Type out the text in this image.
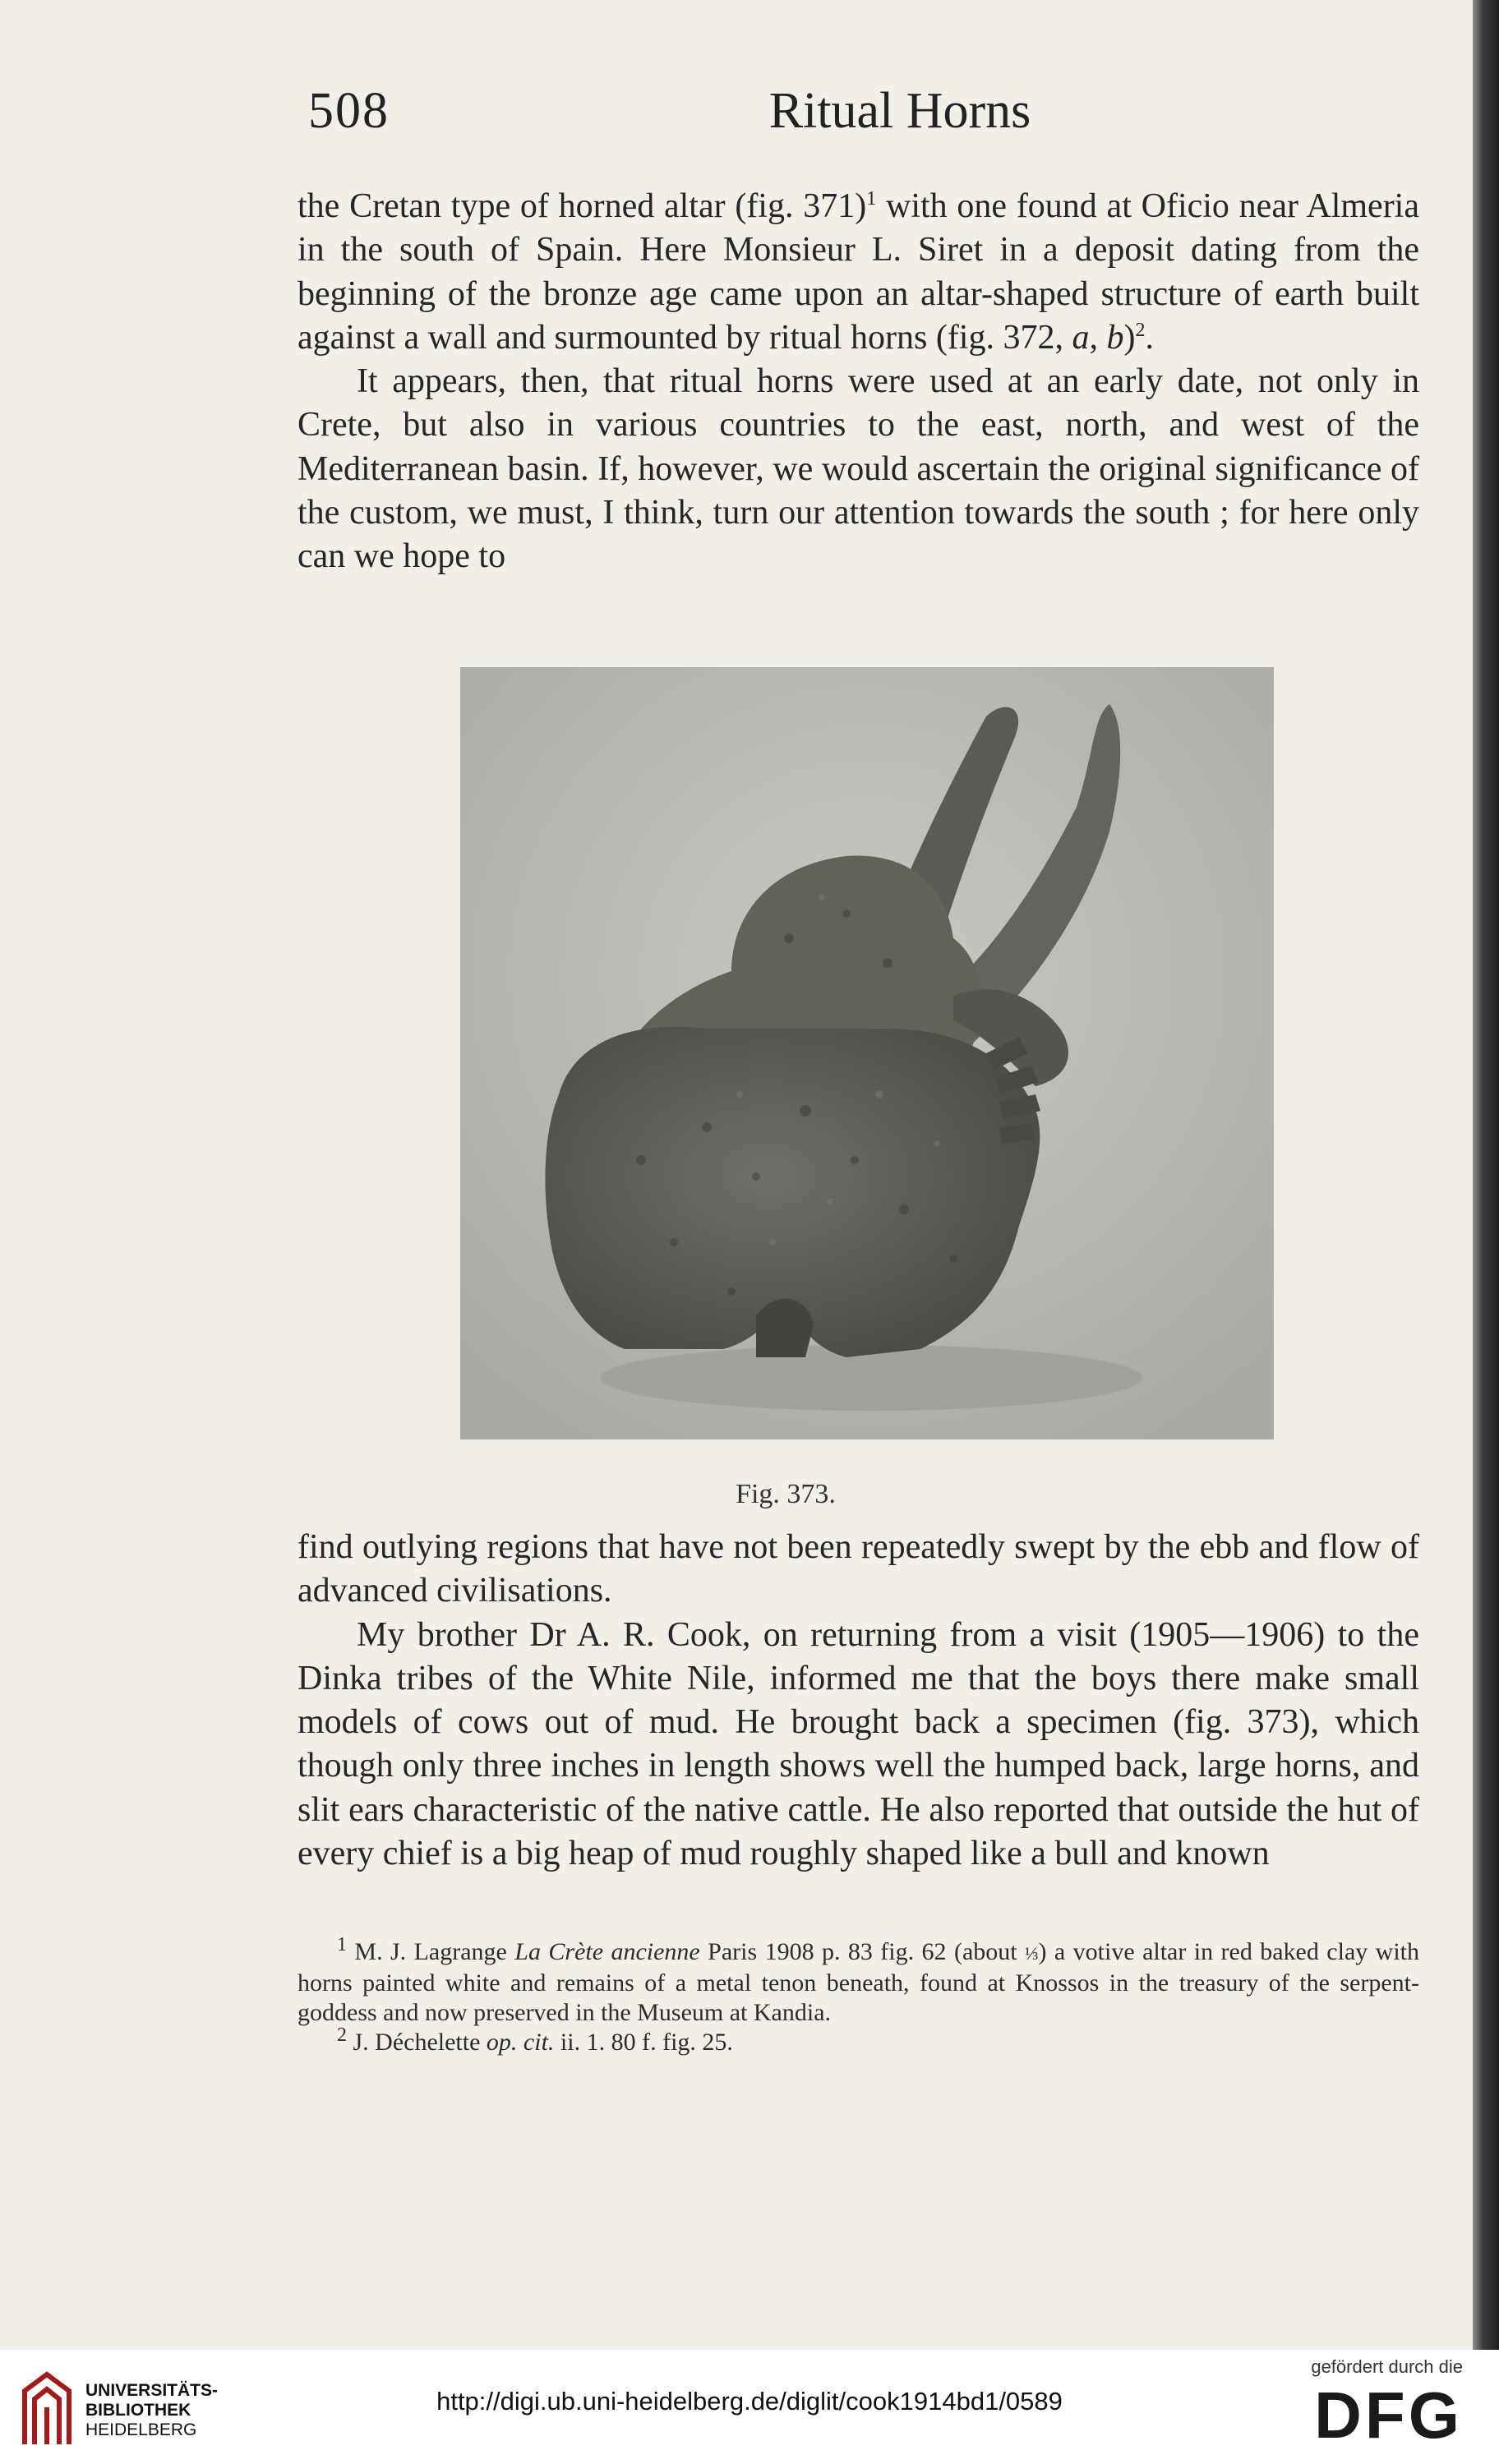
508	Ritual Horns

the Cretan type of horned altar (fig. 371)$^1$ with one found at Oficio near Almeria in the south of Spain. Here Monsieur L. Siret in a deposit dating from the beginning of the bronze age came upon an altar-shaped structure of earth built against a wall and surmounted by ritual horns (fig. 372, a, b)$^2$.

It appears, then, that ritual horns were used at an early date, not only in Crete, but also in various countries to the east, north, and west of the Mediterranean basin. If, however, we would ascertain the original significance of the custom, we must, I think, turn our attention towards the south ; for here only can we hope to

Fig. 373.

find outlying regions that have not been repeatedly swept by the ebb and flow of advanced civilisations.

My brother Dr A. R. Cook, on returning from a visit (1905—1906) to the Dinka tribes of the White Nile, informed me that the boys there make small models of cows out of mud. He brought back a specimen (fig. 373), which though only three inches in length shows well the humped back, large horns, and slit ears characteristic of the native cattle. He also reported that outside the hut of every chief is a big heap of mud roughly shaped like a bull and known

$^1$ M. J. Lagrange La Crète ancienne Paris 1908 p. 83 fig. 62 (about ⅓) a votive altar in red baked clay with horns painted white and remains of a metal tenon beneath, found at Knossos in the treasury of the serpent-goddess and now preserved in the Museum at Kandia.

$^2$ J. Déchelette op. cit. ii. 1. 80 f. fig. 25.

UNIVERSITÄTS-
BIBLIOTHEK
HEIDELBERG
http://digi.ub.uni-heidelberg.de/diglit/cook1914bd1/0589
gefördert durch die
DFG
